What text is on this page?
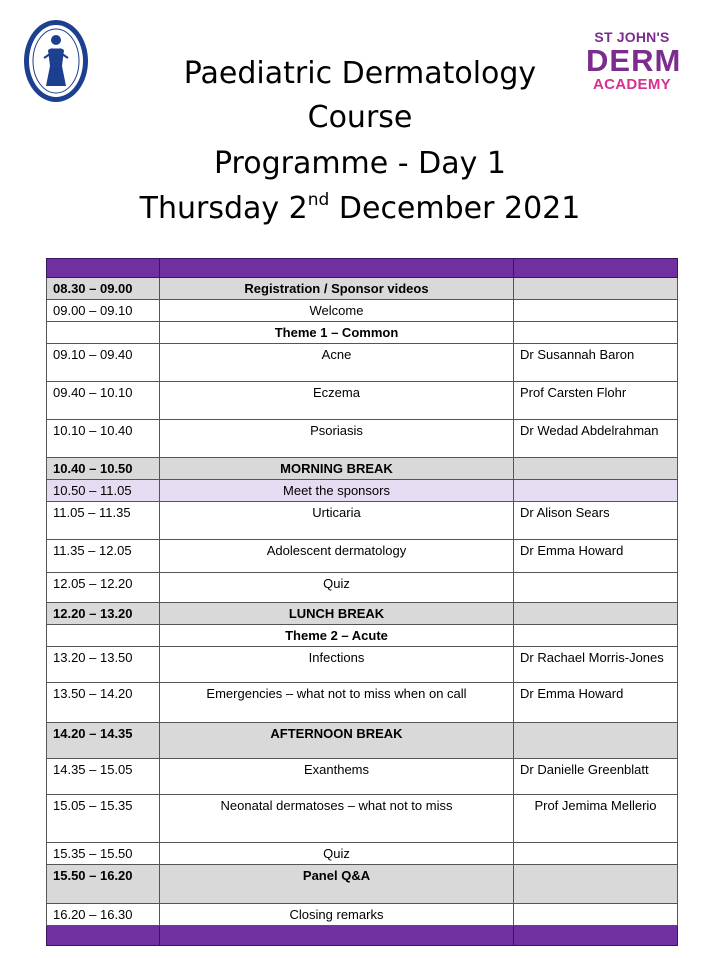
ST JOHN'S
DERM
ACADEMY
Paediatric Dermatology
Course
Programme - Day 1
Thursday 2nd December 2021

08.30 – 09.00	Registration / Sponsor videos	
09.00 – 09.10	Welcome	
	Theme 1 – Common	
09.10 – 09.40	Acne	Dr Susannah Baron
09.40 – 10.10	Eczema	Prof Carsten Flohr
10.10 – 10.40	Psoriasis	Dr Wedad Abdelrahman
10.40 – 10.50	MORNING BREAK	
10.50 – 11.05	Meet the sponsors	
11.05 – 11.35	Urticaria	Dr Alison Sears
11.35 – 12.05	Adolescent dermatology	Dr Emma Howard
12.05 – 12.20	Quiz	
12.20 – 13.20	LUNCH BREAK	
	Theme 2 – Acute	
13.20 – 13.50	Infections	Dr Rachael Morris-Jones
13.50 – 14.20	Emergencies – what not to miss when on call	Dr Emma Howard
14.20 – 14.35	AFTERNOON BREAK	
14.35 – 15.05	Exanthems	Dr Danielle Greenblatt
15.05 – 15.35	Neonatal dermatoses – what not to miss	Prof Jemima Mellerio
15.35 – 15.50	Quiz	
15.50 – 16.20	Panel Q&A	
16.20 – 16.30	Closing remarks	
